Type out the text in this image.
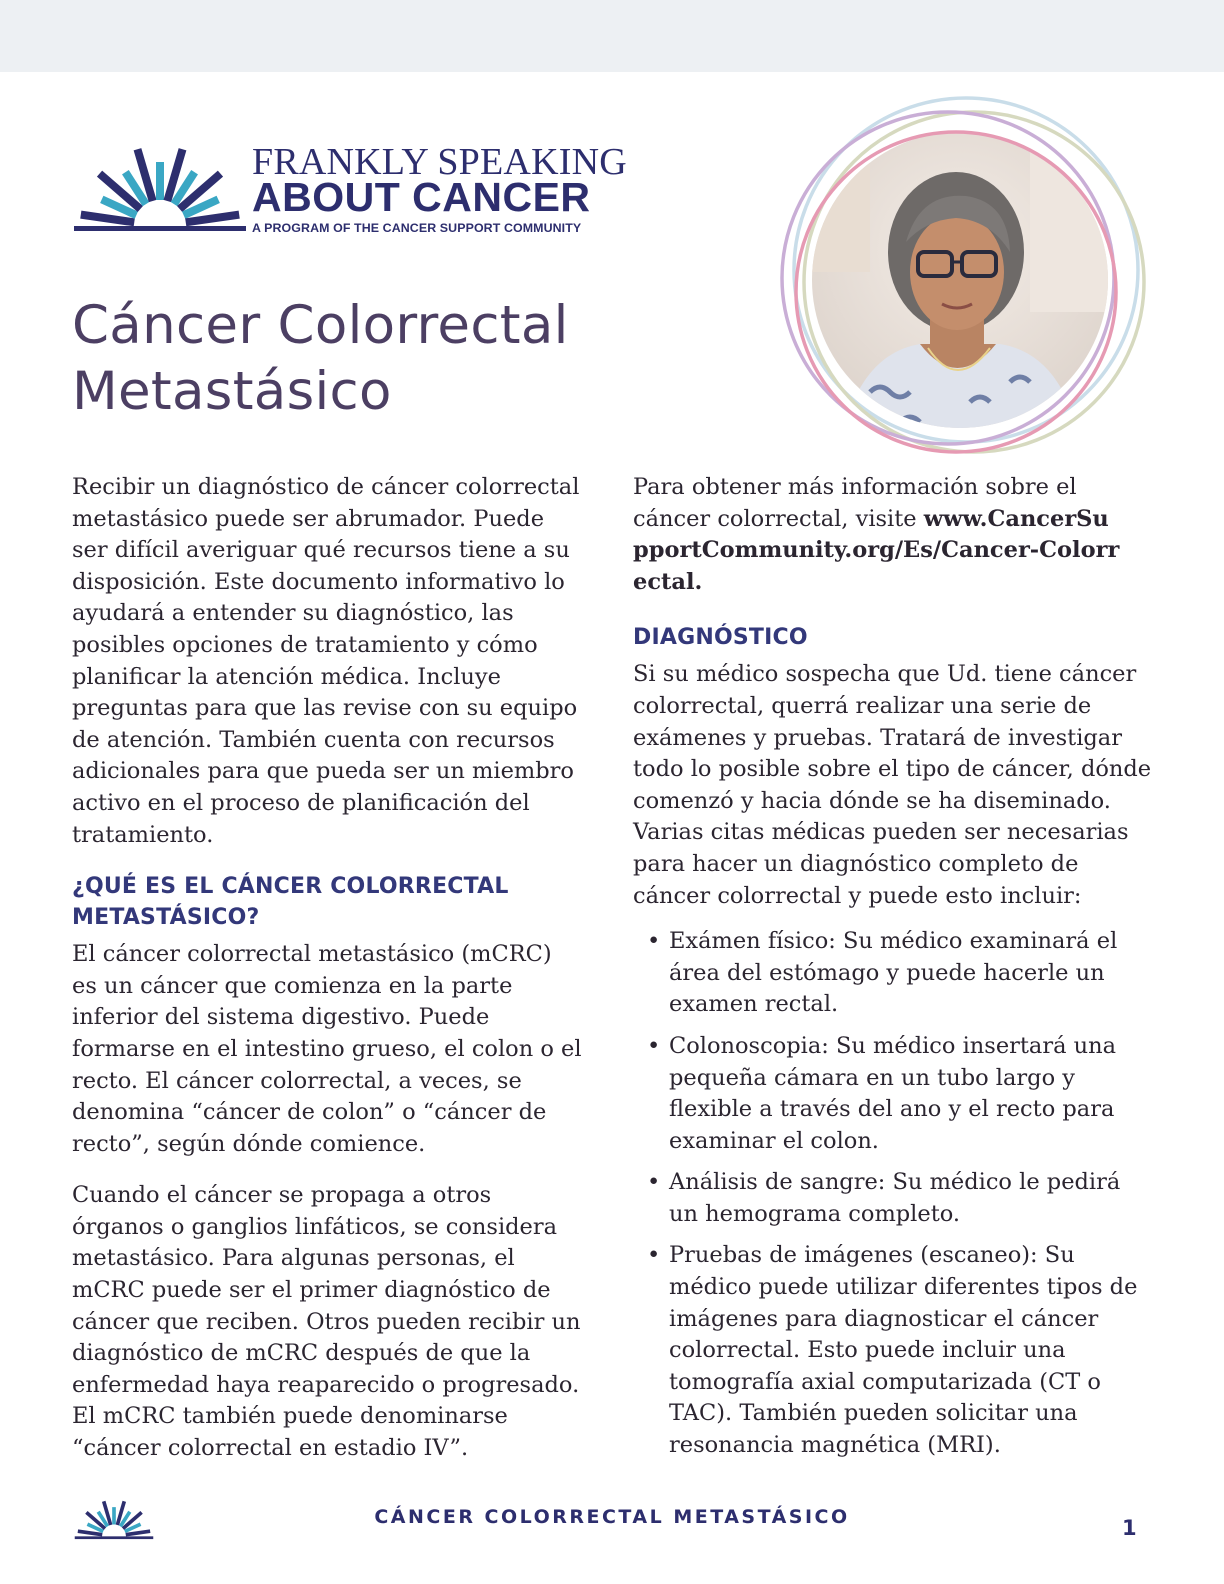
FRANKLY SPEAKING
ABOUT CANCER
A PROGRAM OF THE CANCER SUPPORT COMMUNITY
Cáncer Colorrectal
Metastásico

Recibir un diagnóstico de cáncer colorrectal metastásico puede ser abrumador. Puede ser difícil averiguar qué recursos tiene a su disposición. Este documento informativo lo ayudará a entender su diagnóstico, las posibles opciones de tratamiento y cómo planificar la atención médica. Incluye preguntas para que las revise con su equipo de atención. También cuenta con recursos adicionales para que pueda ser un miembro activo en el proceso de planificación del tratamiento.

¿QUÉ ES EL CÁNCER COLORRECTAL METASTÁSICO?

El cáncer colorrectal metastásico (mCRC) es un cáncer que comienza en la parte inferior del sistema digestivo. Puede formarse en el intestino grueso, el colon o el recto. El cáncer colorrectal, a veces, se denomina “cáncer de colon” o “cáncer de recto”, según dónde comience.

Cuando el cáncer se propaga a otros órganos o ganglios linfáticos, se considera metastásico. Para algunas personas, el mCRC puede ser el primer diagnóstico de cáncer que reciben. Otros pueden recibir un diagnóstico de mCRC después de que la enfermedad haya reaparecido o progresado. El mCRC también puede denominarse “cáncer colorrectal en estadio IV”.

Para obtener más información sobre el cáncer colorrectal, visite www.CancerSupportCommunity.org/Es/Cancer-Colorrectal.

DIAGNÓSTICO

Si su médico sospecha que Ud. tiene cáncer colorrectal, querrá realizar una serie de exámenes y pruebas. Tratará de investigar todo lo posible sobre el tipo de cáncer, dónde comenzó y hacia dónde se ha diseminado. Varias citas médicas pueden ser necesarias para hacer un diagnóstico completo de cáncer colorrectal y puede esto incluir:

• Exámen físico: Su médico examinará el área del estómago y puede hacerle un examen rectal.
• Colonoscopia: Su médico insertará una pequeña cámara en un tubo largo y flexible a través del ano y el recto para examinar el colon.
• Análisis de sangre: Su médico le pedirá un hemograma completo.
• Pruebas de imágenes (escaneo): Su médico puede utilizar diferentes tipos de imágenes para diagnosticar el cáncer colorrectal. Esto puede incluir una tomografía axial computarizada (CT o TAC). También pueden solicitar una resonancia magnética (MRI).
CÁNCER COLORRECTAL METASTÁSICO	1
